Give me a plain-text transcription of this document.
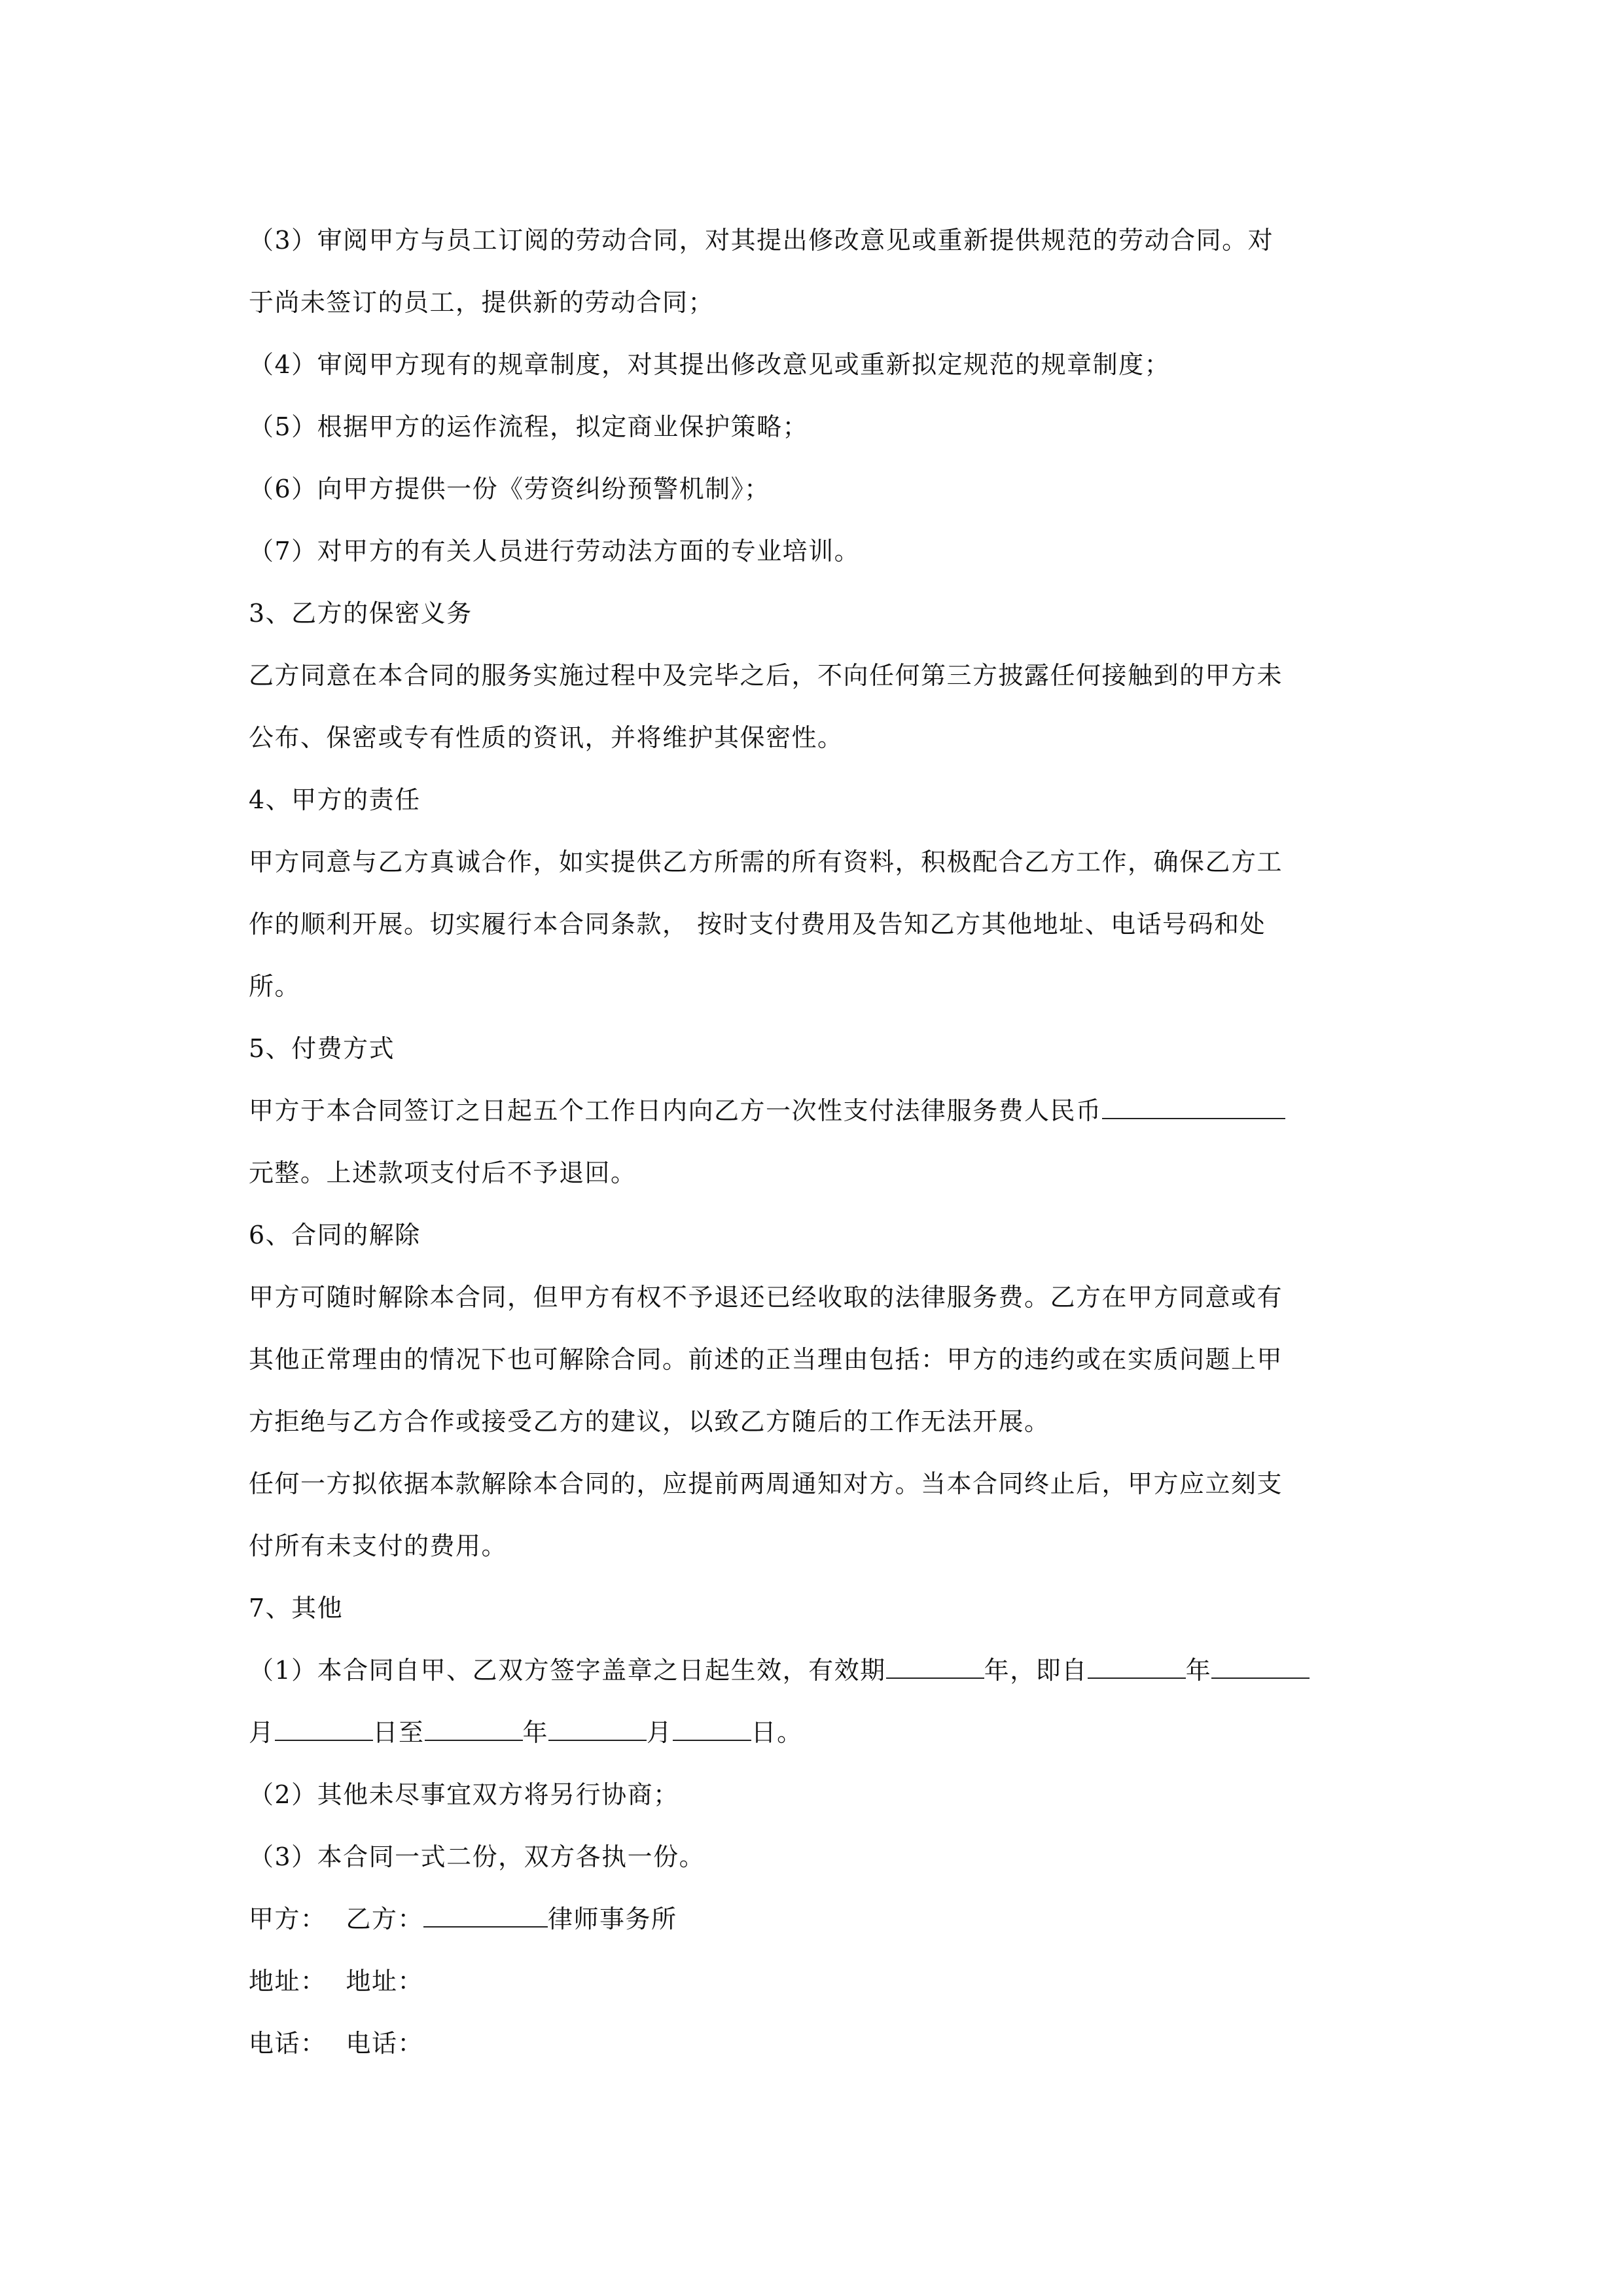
（3）审阅甲方与员工订阅的劳动合同，对其提出修改意见或重新提供规范的劳动合同。对
于尚未签订的员工，提供新的劳动合同；
（4）审阅甲方现有的规章制度，对其提出修改意见或重新拟定规范的规章制度；
（5）根据甲方的运作流程，拟定商业保护策略；
（6）向甲方提供一份《劳资纠纷预警机制》；
（7）对甲方的有关人员进行劳动法方面的专业培训。
3、乙方的保密义务
乙方同意在本合同的服务实施过程中及完毕之后，不向任何第三方披露任何接触到的甲方未
公布、保密或专有性质的资讯，并将维护其保密性。
4、甲方的责任
甲方同意与乙方真诚合作，如实提供乙方所需的所有资料，积极配合乙方工作，确保乙方工
作的顺利开展。切实履行本合同条款， 按时支付费用及告知乙方其他地址、电话号码和处
所。
5、付费方式
甲方于本合同签订之日起五个工作日内向乙方一次性支付法律服务费人民币
元整。上述款项支付后不予退回。
6、合同的解除
甲方可随时解除本合同，但甲方有权不予退还已经收取的法律服务费。乙方在甲方同意或有
其他正常理由的情况下也可解除合同。前述的正当理由包括：甲方的违约或在实质问题上甲
方拒绝与乙方合作或接受乙方的建议，以致乙方随后的工作无法开展。
任何一方拟依据本款解除本合同的，应提前两周通知对方。当本合同终止后，甲方应立刻支
付所有未支付的费用。
7、其他
（1）本合同自甲、乙双方签字盖章之日起生效，有效期	年，即自	年
月	日至	年	月	日。
（2）其他未尽事宜双方将另行协商；
（3）本合同一式二份，双方各执一份。
甲方： 乙方：	律师事务所
地址： 地址：
电话： 电话：
